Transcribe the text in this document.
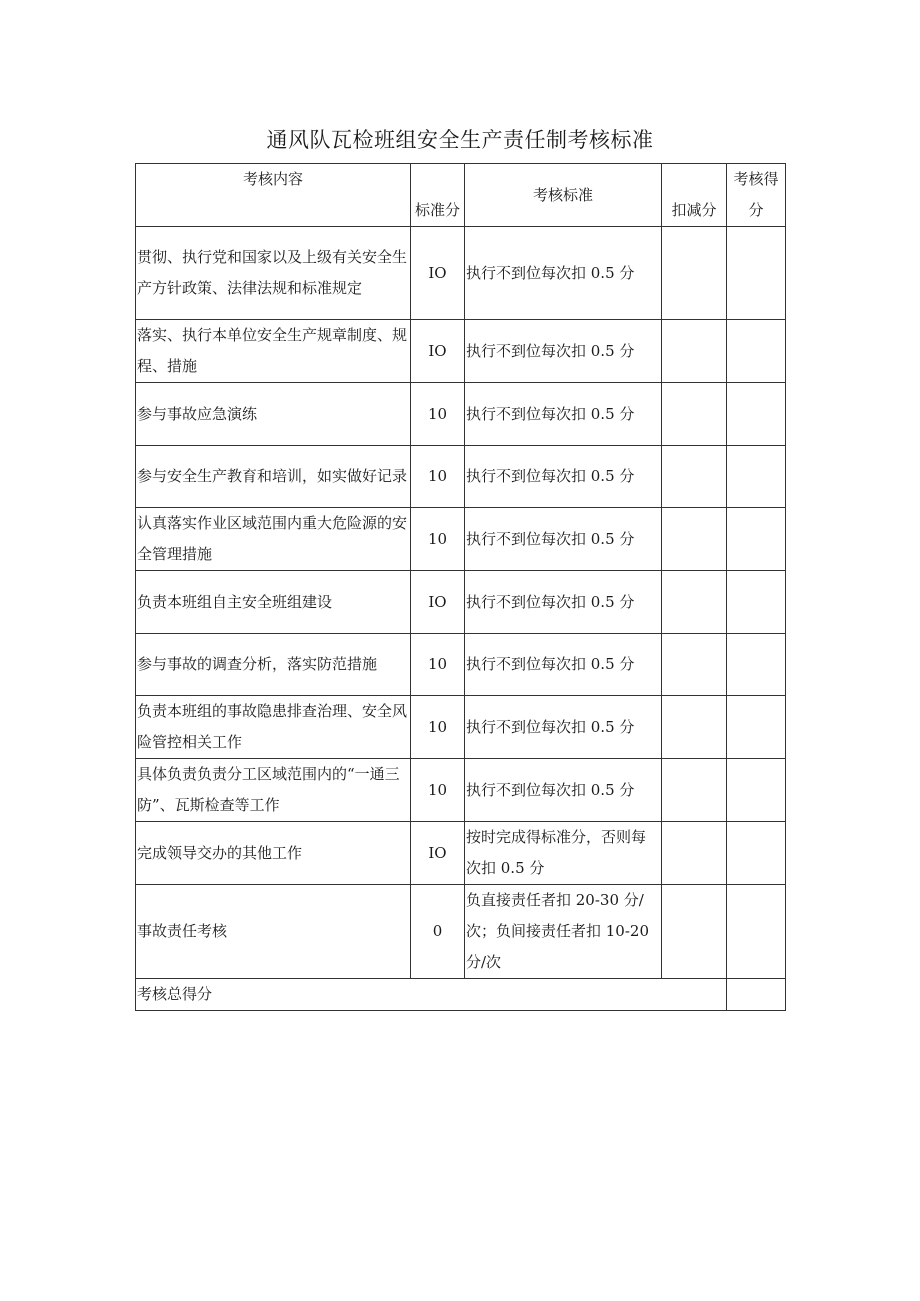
通风队瓦检班组安全生产责任制考核标准
考核内容	标准分	考核标准	扣减分	考核得
分

贯彻、执行党和国家以及上级有关安全生产方针政策、法律法规和标准规定	IO	执行不到位每次扣 0.5 分		
落实、执行本单位安全生产规章制度、规程、措施	IO	执行不到位每次扣 0.5 分		
参与事故应急演练	10	执行不到位每次扣 0.5 分		
参与安全生产教育和培训，如实做好记录	10	执行不到位每次扣 0.5 分		
认真落实作业区域范围内重大危险源的安全管理措施	10	执行不到位每次扣 0.5 分		
负责本班组自主安全班组建设	IO	执行不到位每次扣 0.5 分		
参与事故的调查分析，落实防范措施	10	执行不到位每次扣 0.5 分		
负责本班组的事故隐患排查治理、安全风险管控相关工作	10	执行不到位每次扣 0.5 分		
具体负责负责分工区域范围内的“一通三防”、瓦斯检查等工作	10	执行不到位每次扣 0.5 分		
完成领导交办的其他工作	IO	按时完成得标准分，否则每次扣 0.5 分		
事故责任考核	0	负直接责任者扣 20-30 分/次；负间接责任者扣 10-20 分/次		
考核总得分				
